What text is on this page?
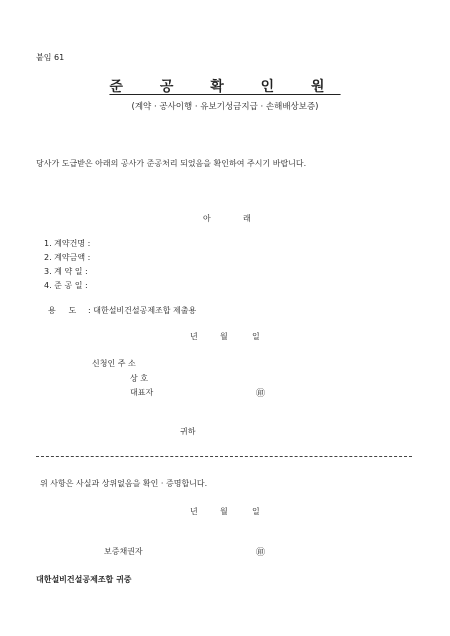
붙임 61
준 공 확 인 원
(계약 · 공사이행 · 유보기성금지급 · 손해배상보증)
당사가 도급받은 아래의 공사가 준공처리 되었음을 확인하여 주시기 바랍니다.
아	래
1. 계약건명 :
2. 계약금액 :
3. 계 약 일 :
4. 준 공 일 :
용     도 : 대한설비건설공제조합 제출용
년	월	일
신청인 주 소
상 호
대표자	㊞
귀하
위 사항은 사실과 상위없음을 확인 · 증명합니다.
년	월	일
보증채권자	㊞
대한설비건설공제조합 귀중
